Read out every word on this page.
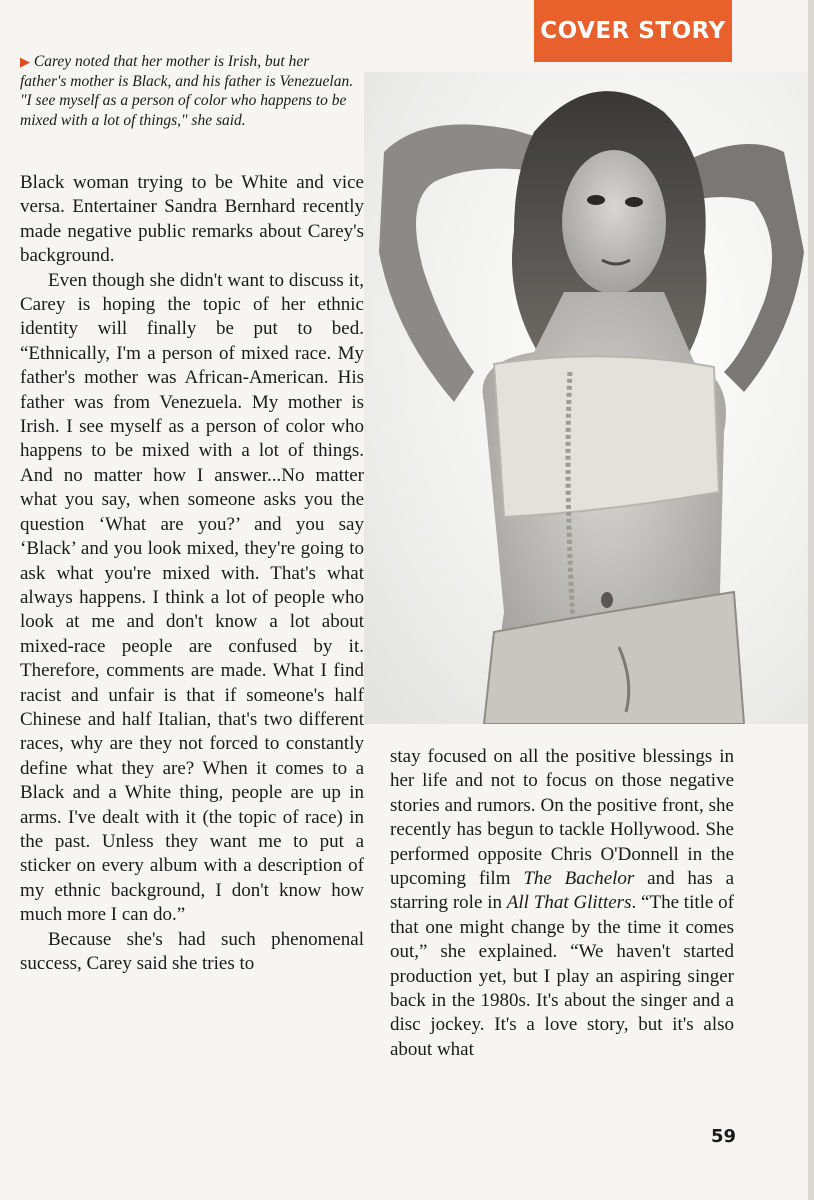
COVER STORY
▶ Carey noted that her mother is Irish, but her father's mother is Black, and his father is Venezuelan. "I see myself as a person of color who happens to be mixed with a lot of things," she said.

Black woman trying to be White and vice versa. Entertainer Sandra Bernhard recently made negative public remarks about Carey's background.

Even though she didn't want to discuss it, Carey is hoping the topic of her ethnic identity will finally be put to bed. “Ethnically, I'm a person of mixed race. My father's mother was African-American. His father was from Venezuela. My mother is Irish. I see myself as a person of color who happens to be mixed with a lot of things. And no matter how I answer...No matter what you say, when someone asks you the question ‘What are you?’ and you say ‘Black’ and you look mixed, they're going to ask what you're mixed with. That's what always happens. I think a lot of people who look at me and don't know a lot about mixed-race people are confused by it. Therefore, comments are made. What I find racist and unfair is that if someone's half Chinese and half Italian, that's two different races, why are they not forced to constantly define what they are? When it comes to a Black and a White thing, people are up in arms. I've dealt with it (the topic of race) in the past. Unless they want me to put a sticker on every album with a description of my ethnic background, I don't know how much more I can do.”

Because she's had such phenomenal success, Carey said she tries to

stay focused on all the positive blessings in her life and not to focus on those negative stories and rumors. On the positive front, she recently has begun to tackle Hollywood. She performed opposite Chris O'Donnell in the upcoming film The Bachelor and has a starring role in All That Glitters. “The title of that one might change by the time it comes out,” she explained. “We haven't started production yet, but I play an aspiring singer back in the 1980s. It's about the singer and a disc jockey. It's a love story, but it's also about what

59
